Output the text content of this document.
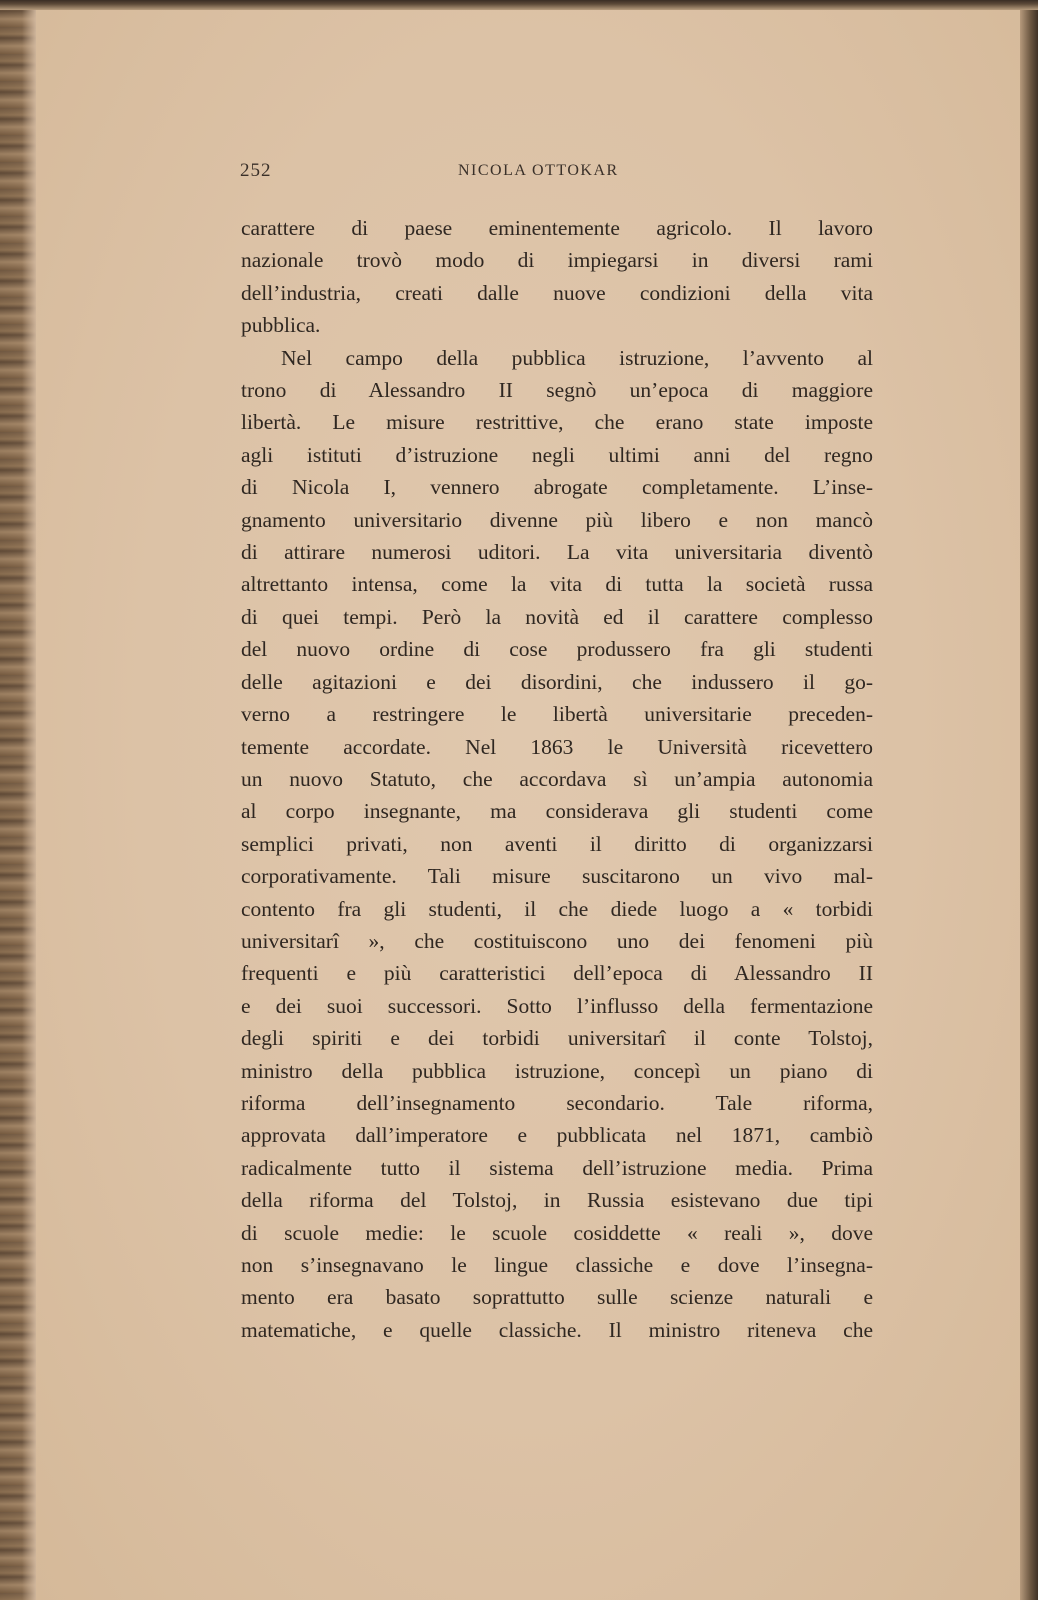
252	NICOLA OTTOKAR
carattere di paese eminentemente agricolo. Il lavoro
nazionale trovò modo di impiegarsi in diversi rami
dell’industria, creati dalle nuove condizioni della vita
pubblica.
Nel campo della pubblica istruzione, l’avvento al
trono di Alessandro II segnò un’epoca di maggiore
libertà. Le misure restrittive, che erano state imposte
agli istituti d’istruzione negli ultimi anni del regno
di Nicola I, vennero abrogate completamente. L’inse-
gnamento universitario divenne più libero e non mancò
di attirare numerosi uditori. La vita universitaria diventò
altrettanto intensa, come la vita di tutta la società russa
di quei tempi. Però la novità ed il carattere complesso
del nuovo ordine di cose produssero fra gli studenti
delle agitazioni e dei disordini, che indussero il go-
verno a restringere le libertà universitarie preceden-
temente accordate. Nel 1863 le Università ricevettero
un nuovo Statuto, che accordava sì un’ampia autonomia
al corpo insegnante, ma considerava gli studenti come
semplici privati, non aventi il diritto di organizzarsi
corporativamente. Tali misure suscitarono un vivo mal-
contento fra gli studenti, il che diede luogo a « torbidi
universitarî », che costituiscono uno dei fenomeni più
frequenti e più caratteristici dell’epoca di Alessandro II
e dei suoi successori. Sotto l’influsso della fermentazione
degli spiriti e dei torbidi universitarî il conte Tolstoj,
ministro della pubblica istruzione, concepì un piano di
riforma dell’insegnamento secondario. Tale riforma,
approvata dall’imperatore e pubblicata nel 1871, cambiò
radicalmente tutto il sistema dell’istruzione media. Prima
della riforma del Tolstoj, in Russia esistevano due tipi
di scuole medie: le scuole cosiddette « reali », dove
non s’insegnavano le lingue classiche e dove l’insegna-
mento era basato soprattutto sulle scienze naturali e
matematiche, e quelle classiche. Il ministro riteneva che
